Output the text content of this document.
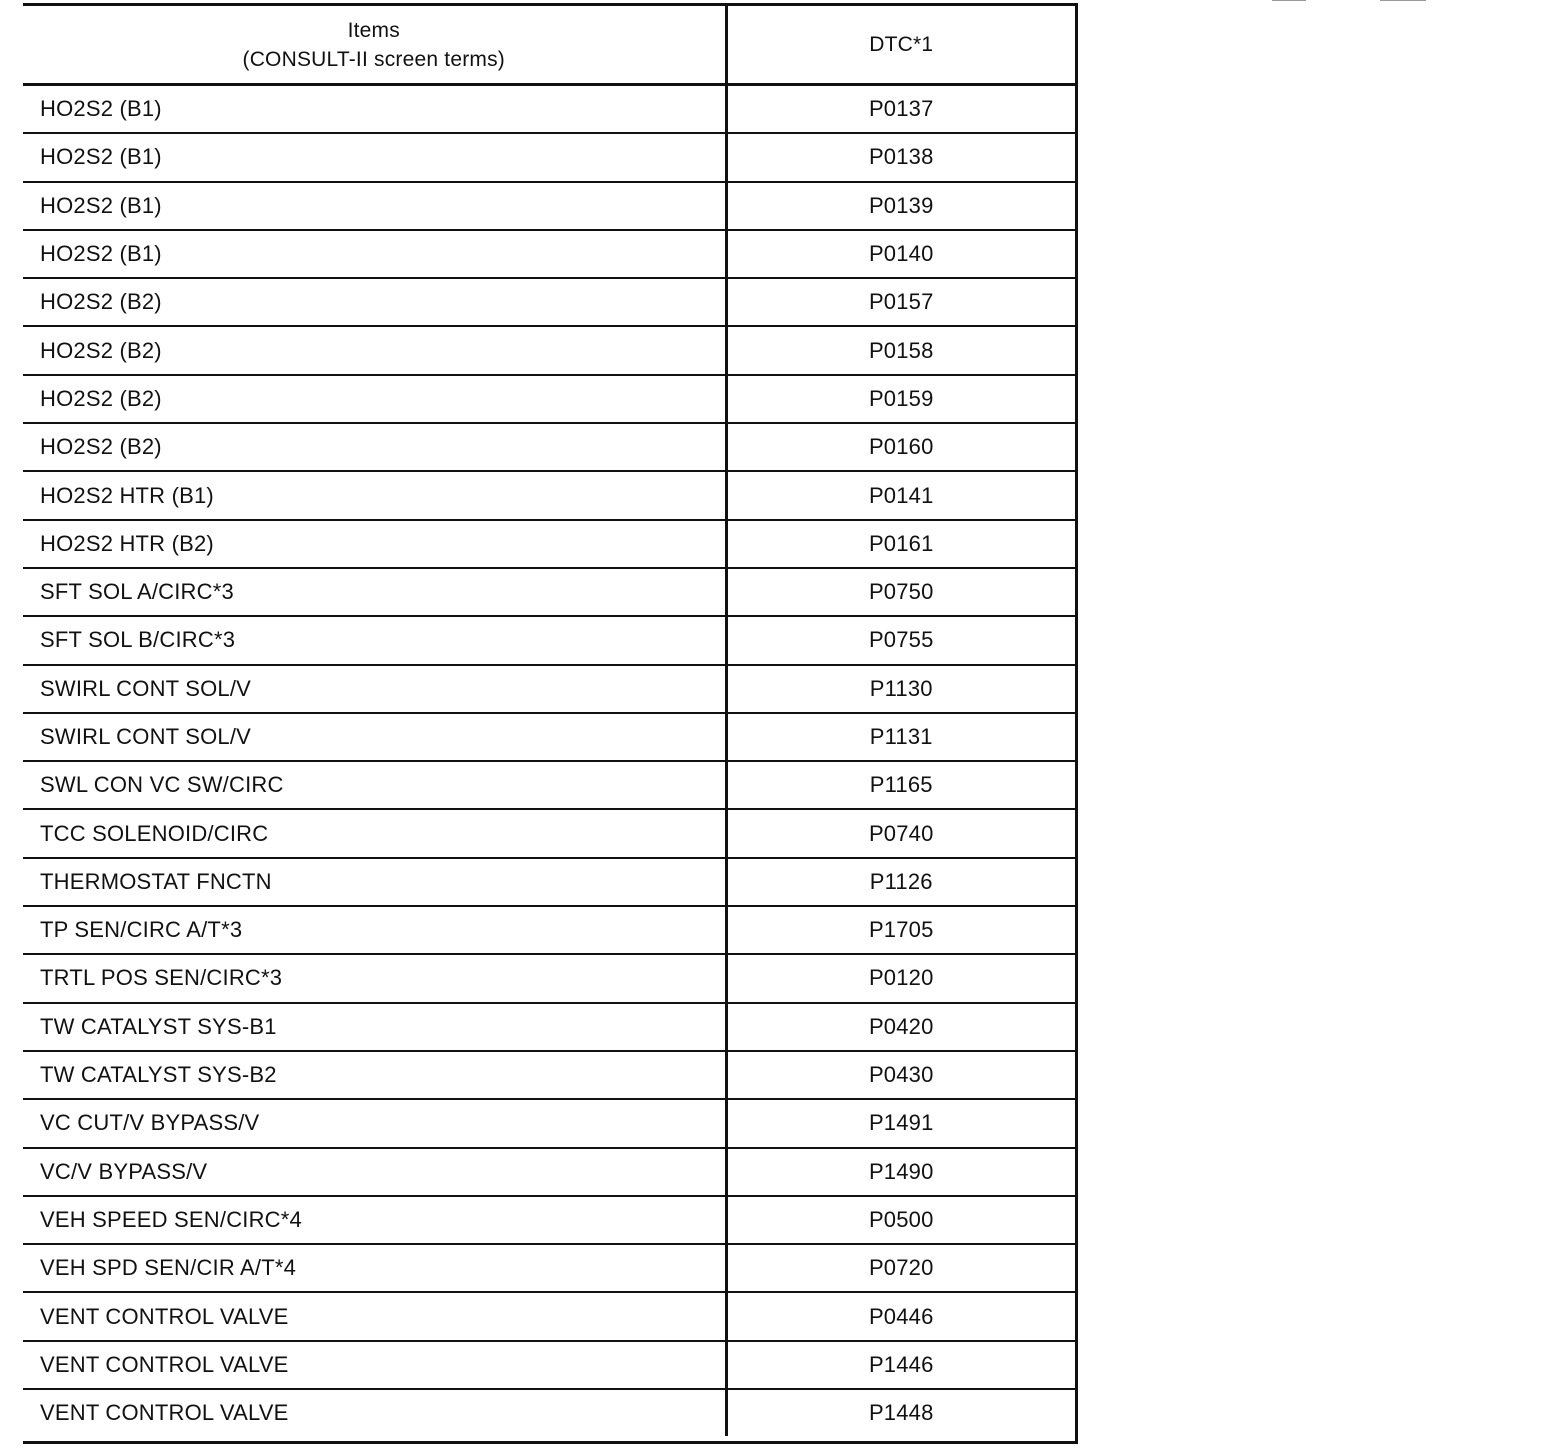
Items
(CONSULT-II screen terms)	DTC*1
HO2S2 (B1)	P0137
HO2S2 (B1)	P0138
HO2S2 (B1)	P0139
HO2S2 (B1)	P0140
HO2S2 (B2)	P0157
HO2S2 (B2)	P0158
HO2S2 (B2)	P0159
HO2S2 (B2)	P0160
HO2S2 HTR (B1)	P0141
HO2S2 HTR (B2)	P0161
SFT SOL A/CIRC*3	P0750
SFT SOL B/CIRC*3	P0755
SWIRL CONT SOL/V	P1130
SWIRL CONT SOL/V	P1131
SWL CON VC SW/CIRC	P1165
TCC SOLENOID/CIRC	P0740
THERMOSTAT FNCTN	P1126
TP SEN/CIRC A/T*3	P1705
TRTL POS SEN/CIRC*3	P0120
TW CATALYST SYS-B1	P0420
TW CATALYST SYS-B2	P0430
VC CUT/V BYPASS/V	P1491
VC/V BYPASS/V	P1490
VEH SPEED SEN/CIRC*4	P0500
VEH SPD SEN/CIR A/T*4	P0720
VENT CONTROL VALVE	P0446
VENT CONTROL VALVE	P1446
VENT CONTROL VALVE	P1448
